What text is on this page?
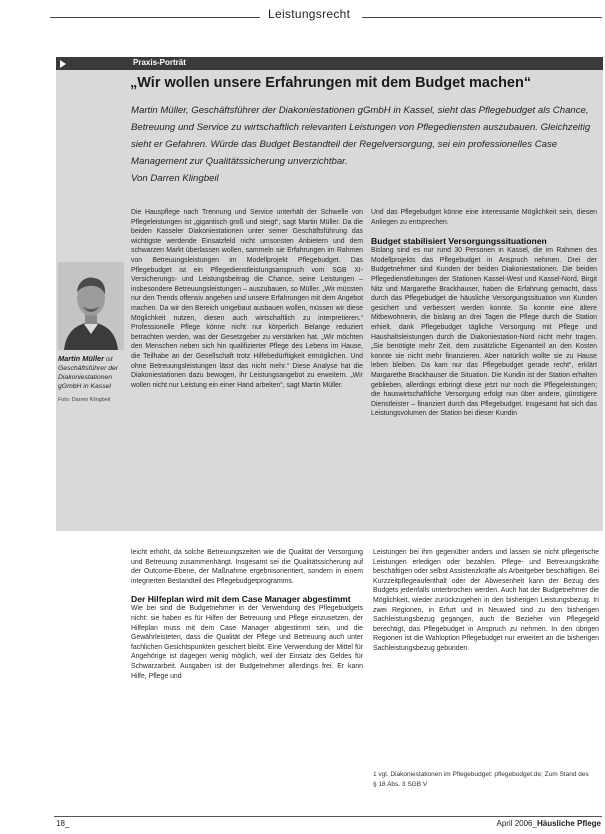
Leistungsrecht
Praxis-Porträt
„Wir wollen unsere Erfahrungen mit dem Budget machen“
Martin Müller, Geschäftsführer der Diakoniestationen gGmbH in Kassel, sieht das Pflegebudget als Chance, Betreuung und Service zu wirtschaftlich relevanten Leistungen von Pflegediensten auszubauen. Gleichzeitig sieht er Gefahren. Würde das Budget Bestandteil der Regelversorgung, sei ein professionelles Case Management zur Qualitätssicherung unverzichtbar.
Von Darren Klingbeil
Martin Müller ist Geschäftsführer der Diakoniestationen gGmbH in Kassel
Foto: Darren Klingbeil

Die Hauspflege nach Trennung und Service unterhält der Schwelle von Pflegeleistungen ist „gigantisch groß und steigt“, sagt Martin Müller. Da die beiden Kasseler Diakoniestationen unter seiner Geschäftsführung das wichtigste werdende Einsatzfeld nicht umsonsten Anbietern und dem schwarzen Markt überlassen wollen, sammeln sie Erfahrungen im Rahmen von Betreuungsleistungen im Modellprojekt Pflegebudget. Das Pflegebudget ist ein Pflegedienstleistungsanspruch vom SGB XI-Versicherungs- und Leistungsbeitrag die Chance, seine Leistungen – insbesondere Betreuungsleistungen – auszubauen, so Müller. „Wir müssten nur den Trends offensiv angehen und unsere Erfahrungen mit dem Angebot machen. Da wir den Bereich umgebaut ausbauen wollen, müssen wir diese Möglichkeit nutzen, diesen auch wirtschaftlich zu interpretieren.“ Professionelle Pflege könne nicht nur körperlich Belange reduziert betrachten werden, was der Gesetzgeber zu verstärken hat. „Wir möchten den Menschen neben sich hin qualifizierter Pflege des Lebens im Hause, die Teilhabe an der Gesellschaft trotz Hilfebedürftigkeit ermöglichen. Und ohne Betreuungsleistungen lässt das nicht mehr.“ Diese Analyse hat die Diakoniestationen dazu bewogen, ihr Leistungsangebot zu erweitern. „Wir wollen nicht nur Leistung ein einer Hand arbeiten“, sagt Martin Müller.

Und das Pflegebudget könne eine interessante Möglichkeit sein, diesen Anliegen zu entsprechen.

Budget stabilisiert Versorgungssituationen

Bislang sind es nur rund 30 Personen in Kassel, die im Rahmen des Modellprojekts das Pflegebudget in Anspruch nehmen. Drei der Budgetnehmer sind Kunden der beiden Diakoniestationen. Die beiden Pflegedienstleitungen der Stationen Kassel-West und Kassel-Nord, Birgit Nitz und Margarethe Brackhauser, haben die Erfahrung gemacht, dass durch das Pflegebudget die häusliche Versorgungssituation von Kunden gesichert und verbessert werden konnte. So konnte eine ältere Mitbewohnerin, die bislang an drei Tagen die Pflege durch die Station erhielt, dank Pflegebudget tägliche Versorgung mit Pflege und Haushaltsleistungen durch die Diakoniestation-Nord nicht mehr tragen. „Sie benötigte mehr Zeit, dem zusätzliche Eigenanteil an den Kosten konnte sie nicht mehr finanzieren. Aber natürlich wollte sie zu Hause leben bleiben. Da kam nur das Pflegebudget gerade recht“, erklärt Margarethe Brackhauser die Situation. Die Kundin ist der Station erhalten geblieben, allerdings erbringt diese jetzt nur noch die Pflegeleistungen; die hauswirtschaftliche Versorgung erfolgt nun über andere, günstigere Dienstleister – finanziert durch das Pflegebudget. Insgesamt hat sich das Leistungsvolumen der Station bei dieser Kundin

leicht erhöht, da solche Betreuungszeiten wie die Qualität der Versorgung und Betreuung zusammenhängt. Insgesamt sei die Qualitätssicherung auf der Outcome-Ebene, der Maßnahme ergebnisorientiert, sondern in einem integrierten Bestandteil des Pflegebudgetprogramms.

Der Hilfeplan wird mit dem Case Manager abgestimmt

Wie bei sind die Budgetnehmer in der Verwendung des Pflegebudgets nicht: sie haben es für Hilfen der Betreuung und Pflege einzusetzen, der Hilfeplan muss mit dem Case Manager abgestimmt sein, und die Gewährleisteten, dass die Qualität der Pflege und Betreuung auch unter fachlichen Gesichtspunkten gesichert bleibt. Eine Verwendung der Mittel für Angehörige ist dagegen wenig möglich, weil der Einsatz des Geldes für Schwarzarbeit. Ausgaben ist der Budgetnehmer allerdings frei. Er kann Hilfe, Pflege und

Leistungen bei ihm gegenüber anders und lassen sie nicht pflegerische Leistungen erledigen oder bezahlen. Pflege- und Betreuungskräfte beschäftigen oder selbst Assistenzkräfte als Arbeitgeber beschäftigen. Bei Kurzzeitpflegeaufenthalt oder der Abwesenheit kann der Bezug des Budgets jedenfalls unterbrochen werden. Auch hat der Budgetnehmer die Möglichkeit, wieder zurückzugehen in den bisherigen Leistungsbezug. In zwei Regionen, in Erfurt und in Neuwied sind zu den bisherigen Sachleistungsbezug gegangen, auch die Bezieher von Pflegegeld berechtigt, das Pflegebudget in Anspruch zu nehmen. In den übrigen Regionen ist die Wahloption Pflegebudget nur erweitert an die bisherigen Sachleistungsbezug gebunden.

1 vgl. Diakoniestationen im Pflegebudget: pflegebudget.de; Zum Stand des § 18 Abs. 3 SGB V
18_	April 2006_Häusliche Pflege
